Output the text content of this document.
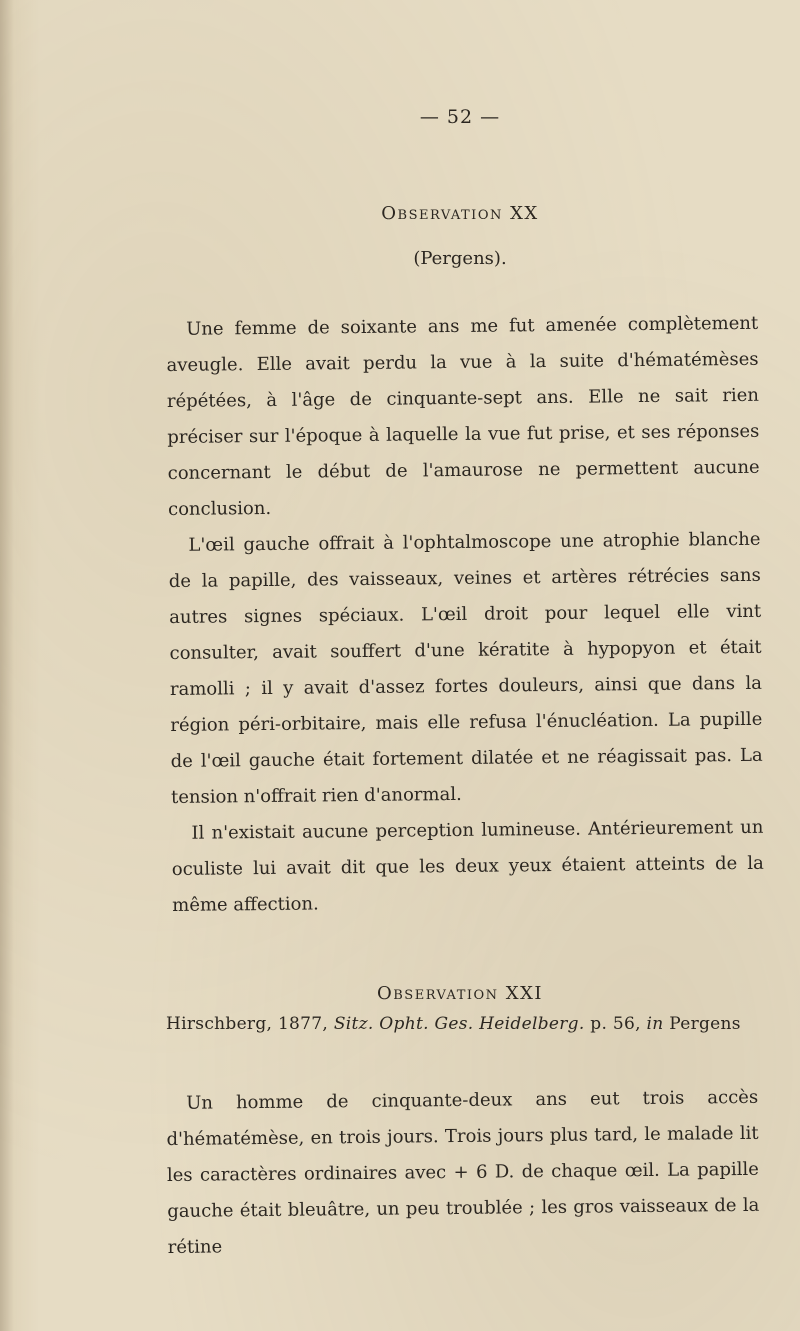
— 52 —
Observation XX
(Pergens).

Une femme de soixante ans me fut amenée complètement aveugle. Elle avait perdu la vue à la suite d'hématémèses répétées, à l'âge de cinquante-sept ans. Elle ne sait rien préciser sur l'époque à laquelle la vue fut prise, et ses réponses concernant le début de l'amaurose ne permettent aucune conclusion.

L'œil gauche offrait à l'ophtalmoscope une atrophie blanche de la papille, des vaisseaux, veines et artères rétrécies sans autres signes spéciaux. L'œil droit pour lequel elle vint consulter, avait souffert d'une kératite à hypopyon et était ramolli ; il y avait d'assez fortes douleurs, ainsi que dans la région péri-orbitaire, mais elle refusa l'énucléation. La pupille de l'œil gauche était fortement dilatée et ne réagissait pas. La tension n'offrait rien d'anormal.

Il n'existait aucune perception lumineuse. Antérieurement un oculiste lui avait dit que les deux yeux étaient atteints de la même affection.

Observation XXI
Hirschberg, 1877, Sitz. Opht. Ges. Heidelberg. p. 56, in Pergens

Un homme de cinquante-deux ans eut trois accès d'hématémèse, en trois jours. Trois jours plus tard, le malade lit les caractères ordinaires avec + 6 D. de chaque œil. La papille gauche était bleuâtre, un peu troublée ; les gros vaisseaux de la rétine
